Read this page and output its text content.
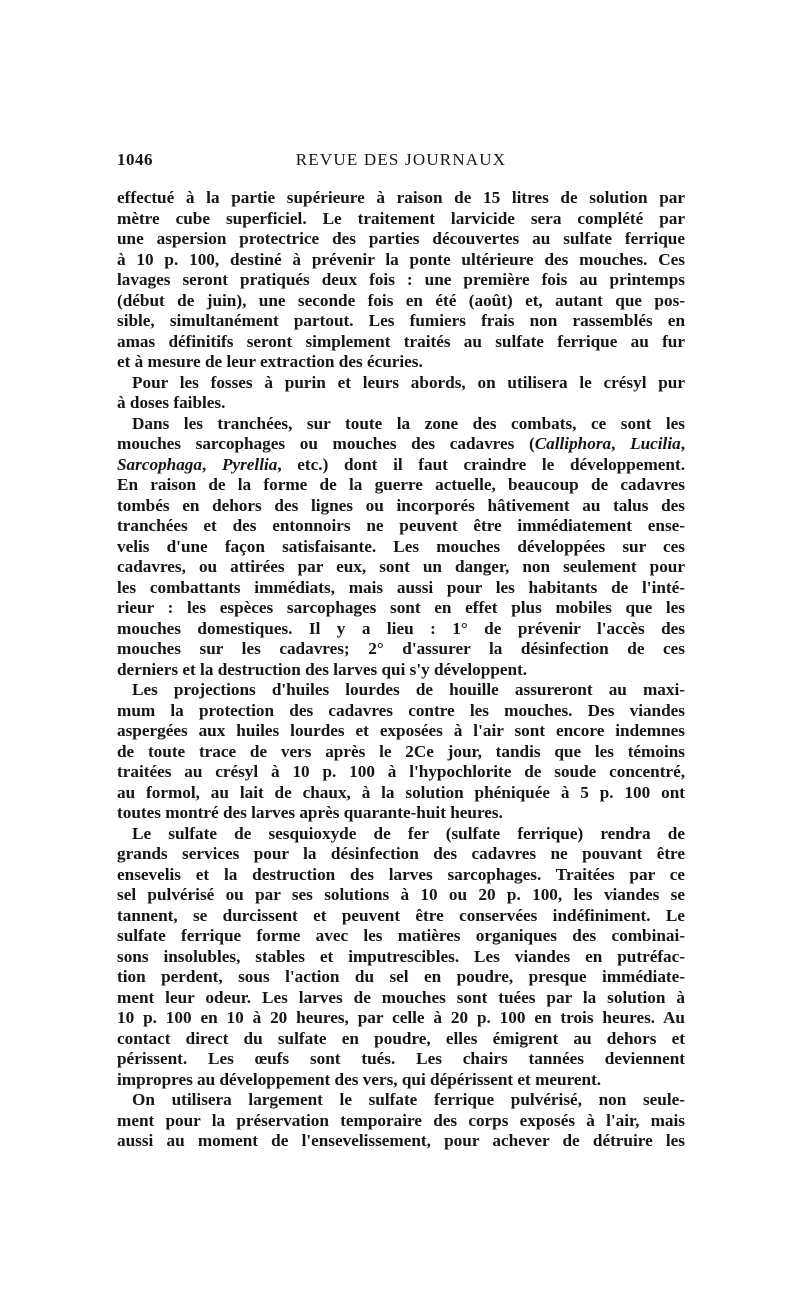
1046	REVUE DES JOURNAUX
effectué à la partie supérieure à raison de 15 litres de solution par
mètre cube superficiel. Le traitement larvicide sera complété par
une aspersion protectrice des parties découvertes au sulfate ferrique
à 10 p. 100, destiné à prévenir la ponte ultérieure des mouches. Ces
lavages seront pratiqués deux fois : une première fois au printemps
(début de juin), une seconde fois en été (août) et, autant que pos-
sible, simultanément partout. Les fumiers frais non rassemblés en
amas définitifs seront simplement traités au sulfate ferrique au fur
et à mesure de leur extraction des écuries.
Pour les fosses à purin et leurs abords, on utilisera le crésyl pur
à doses faibles.
Dans les tranchées, sur toute la zone des combats, ce sont les
mouches sarcophages ou mouches des cadavres (Calliphora, Lucilia,
Sarcophaga, Pyrellia, etc.) dont il faut craindre le développement.
En raison de la forme de la guerre actuelle, beaucoup de cadavres
tombés en dehors des lignes ou incorporés hâtivement au talus des
tranchées et des entonnoirs ne peuvent être immédiatement ense-
velis d'une façon satisfaisante. Les mouches développées sur ces
cadavres, ou attirées par eux, sont un danger, non seulement pour
les combattants immédiats, mais aussi pour les habitants de l'inté-
rieur : les espèces sarcophages sont en effet plus mobiles que les
mouches domestiques. Il y a lieu : 1° de prévenir l'accès des
mouches sur les cadavres; 2° d'assurer la désinfection de ces
derniers et la destruction des larves qui s'y développent.
Les projections d'huiles lourdes de houille assureront au maxi-
mum la protection des cadavres contre les mouches. Des viandes
aspergées aux huiles lourdes et exposées à l'air sont encore indemnes
de toute trace de vers après le 2Ce jour, tandis que les témoins
traitées au crésyl à 10 p. 100 à l'hypochlorite de soude concentré,
au formol, au lait de chaux, à la solution phéniquée à 5 p. 100 ont
toutes montré des larves après quarante-huit heures.
Le sulfate de sesquioxyde de fer (sulfate ferrique) rendra de
grands services pour la désinfection des cadavres ne pouvant être
ensevelis et la destruction des larves sarcophages. Traitées par ce
sel pulvérisé ou par ses solutions à 10 ou 20 p. 100, les viandes se
tannent, se durcissent et peuvent être conservées indéfiniment. Le
sulfate ferrique forme avec les matières organiques des combinai-
sons insolubles, stables et imputrescibles. Les viandes en putréfac-
tion perdent, sous l'action du sel en poudre, presque immédiate-
ment leur odeur. Les larves de mouches sont tuées par la solution à
10 p. 100 en 10 à 20 heures, par celle à 20 p. 100 en trois heures. Au
contact direct du sulfate en poudre, elles émigrent au dehors et
périssent. Les œufs sont tués. Les chairs tannées deviennent
impropres au développement des vers, qui dépérissent et meurent.
On utilisera largement le sulfate ferrique pulvérisé, non seule-
ment pour la préservation temporaire des corps exposés à l'air, mais
aussi au moment de l'ensevelissement, pour achever de détruire les
